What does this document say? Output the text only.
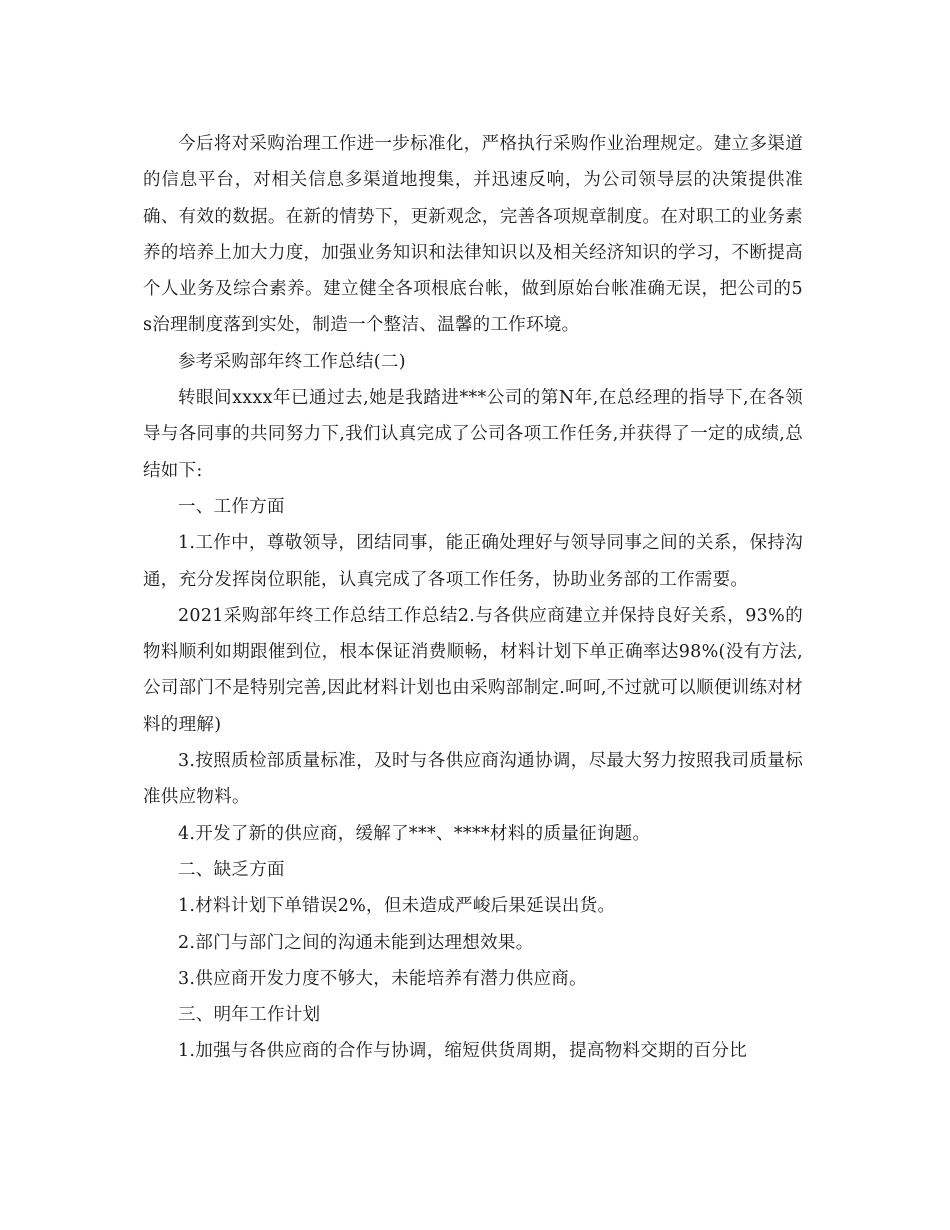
今后将对采购治理工作进一步标准化，严格执行采购作业治理规定。建立多渠道的信息平台，对相关信息多渠道地搜集，并迅速反响，为公司领导层的决策提供准确、有效的数据。在新的情势下，更新观念，完善各项规章制度。在对职工的业务素养的培养上加大力度，加强业务知识和法律知识以及相关经济知识的学习，不断提高个人业务及综合素养。建立健全各项根底台帐，做到原始台帐准确无误，把公司的5s治理制度落到实处，制造一个整洁、温馨的工作环境。

参考采购部年终工作总结(二)

转眼间xxxx年已通过去,她是我踏进***公司的第N年,在总经理的指导下,在各领导与各同事的共同努力下,我们认真完成了公司各项工作任务,并获得了一定的成绩,总结如下:

一、工作方面

1.工作中，尊敬领导，团结同事，能正确处理好与领导同事之间的关系，保持沟通，充分发挥岗位职能，认真完成了各项工作任务，协助业务部的工作需要。

2021采购部年终工作总结工作总结2.与各供应商建立并保持良好关系，93%的物料顺利如期跟催到位，根本保证消费顺畅，材料计划下单正确率达98%(没有方法,公司部门不是特别完善,因此材料计划也由采购部制定.呵呵,不过就可以顺便训练对材料的理解)

3.按照质检部质量标准，及时与各供应商沟通协调，尽最大努力按照我司质量标准供应物料。

4.开发了新的供应商，缓解了***、****材料的质量征询题。

二、缺乏方面

1.材料计划下单错误2%，但未造成严峻后果延误出货。

2.部门与部门之间的沟通未能到达理想效果。

3.供应商开发力度不够大，未能培养有潜力供应商。

三、明年工作计划

1.加强与各供应商的合作与协调，缩短供货周期，提高物料交期的百分比
